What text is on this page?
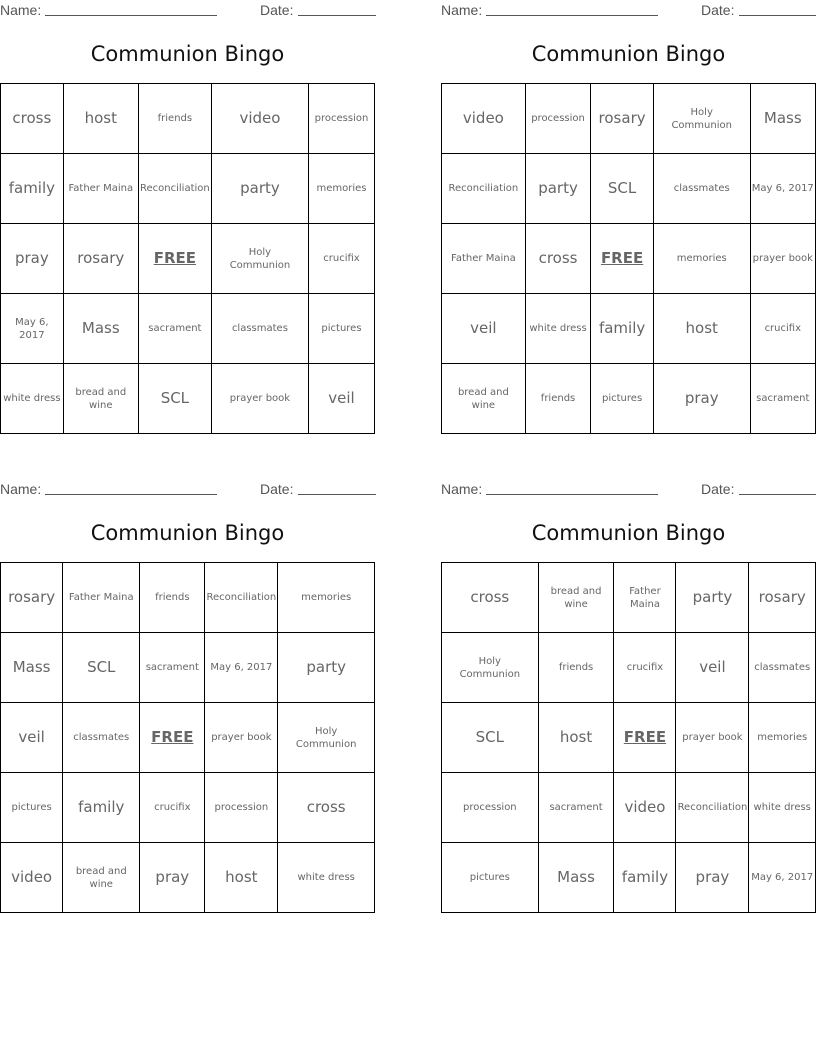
Name:	Date:
Communion Bingo
cross	host	friends	video	procession
family	Father Maina	Reconciliation	party	memories
pray	rosary	FREE	Holy Communion	crucifix
May 6, 2017	Mass	sacrament	classmates	pictures
white dress	bread and wine	SCL	prayer book	veil
Name:	Date:
Communion Bingo
video	procession	rosary	Holy Communion	Mass
Reconciliation	party	SCL	classmates	May 6, 2017
Father Maina	cross	FREE	memories	prayer book
veil	white dress	family	host	crucifix
bread and wine	friends	pictures	pray	sacrament
Name:	Date:
Communion Bingo
rosary	Father Maina	friends	Reconciliation	memories
Mass	SCL	sacrament	May 6, 2017	party
veil	classmates	FREE	prayer book	Holy Communion
pictures	family	crucifix	procession	cross
video	bread and wine	pray	host	white dress
Name:	Date:
Communion Bingo
cross	bread and wine	Father Maina	party	rosary
Holy Communion	friends	crucifix	veil	classmates
SCL	host	FREE	prayer book	memories
procession	sacrament	video	Reconciliation	white dress
pictures	Mass	family	pray	May 6, 2017
